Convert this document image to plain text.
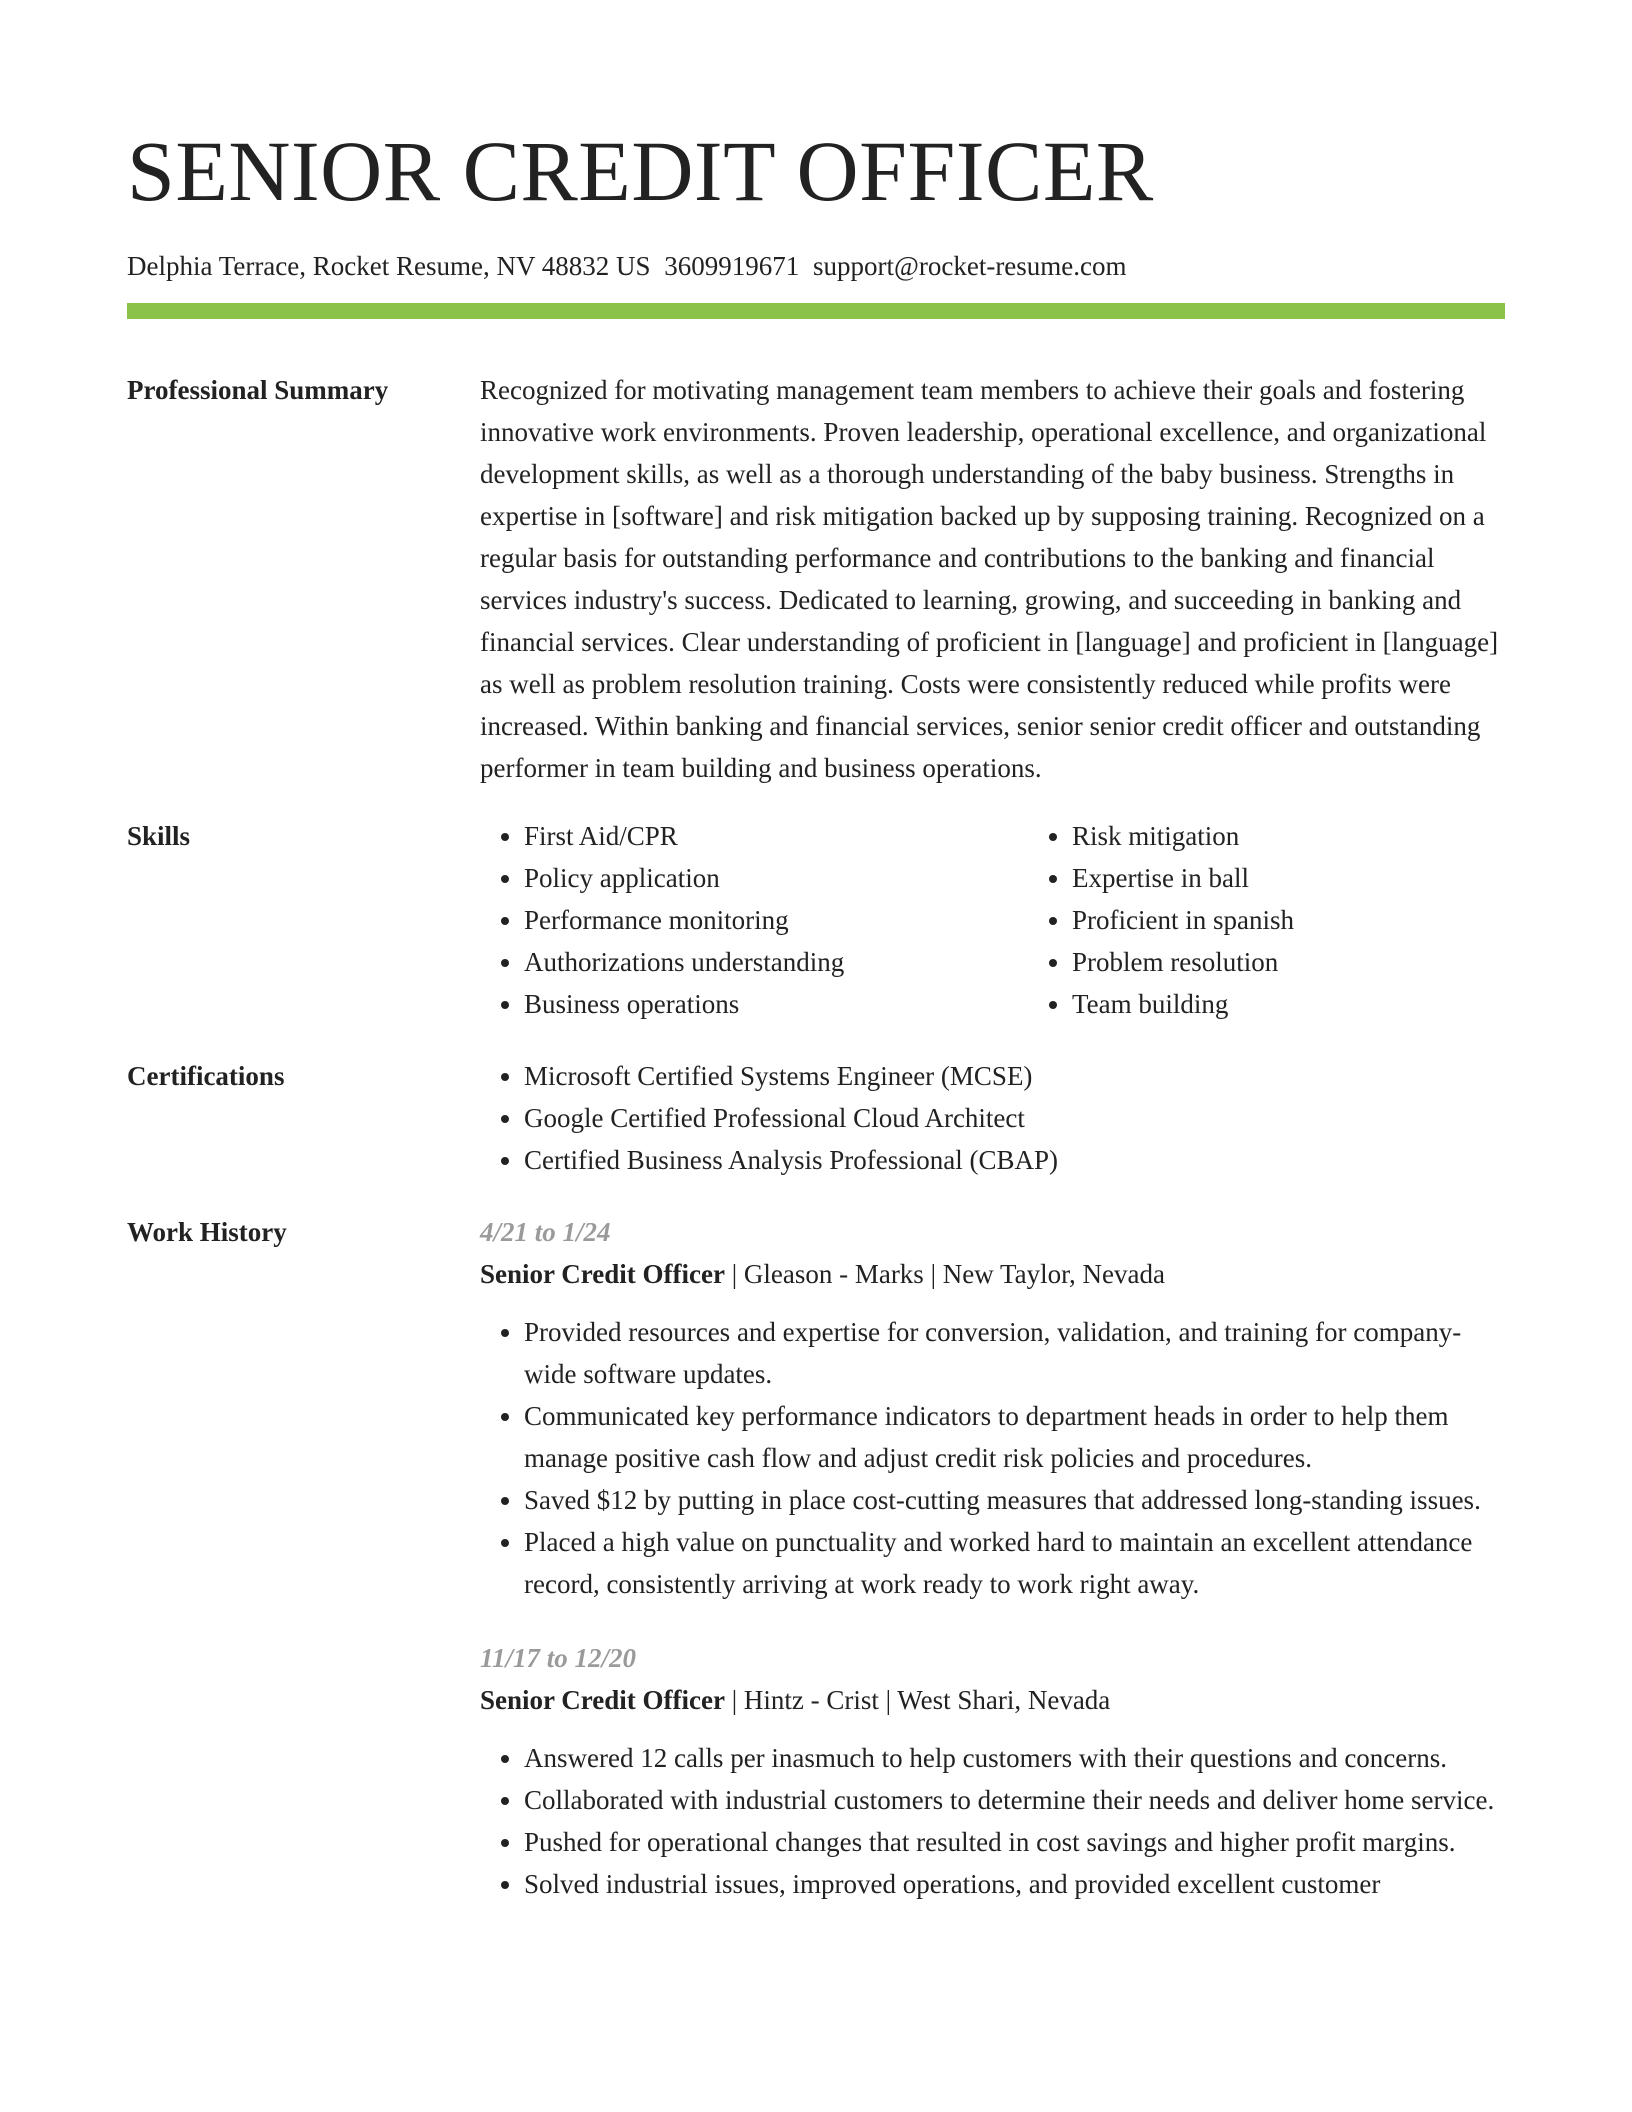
SENIOR CREDIT OFFICER
Delphia Terrace, Rocket Resume, NV 48832 US 3609919671 support@rocket-resume.com
Professional Summary	Recognized for motivating management team members to achieve their goals and fostering innovative work environments. Proven leadership, operational excellence, and organizational development skills, as well as a thorough understanding of the baby business. Strengths in expertise in [software] and risk mitigation backed up by supposing training. Recognized on a regular basis for outstanding performance and contributions to the banking and financial services industry's success. Dedicated to learning, growing, and succeeding in banking and financial services. Clear understanding of proficient in [language] and proficient in [language] as well as problem resolution training. Costs were consistently reduced while profits were increased. Within banking and financial services, senior senior credit officer and outstanding performer in team building and business operations.

Skills	• First Aid/CPR
• Policy application
• Performance monitoring
• Authorizations understanding
• Business operations
• Risk mitigation
• Expertise in ball
• Proficient in spanish
• Problem resolution
• Team building
Certifications	• Microsoft Certified Systems Engineer (MCSE)
• Google Certified Professional Cloud Architect
• Certified Business Analysis Professional (CBAP)
Work History	4/21 to 1/24
Senior Credit Officer | Gleason - Marks | New Taylor, Nevada
• Provided resources and expertise for conversion, validation, and training for company-wide software updates.
• Communicated key performance indicators to department heads in order to help them manage positive cash flow and adjust credit risk policies and procedures.
• Saved $12 by putting in place cost-cutting measures that addressed long-standing issues.
• Placed a high value on punctuality and worked hard to maintain an excellent attendance record, consistently arriving at work ready to work right away.
11/17 to 12/20
Senior Credit Officer | Hintz - Crist | West Shari, Nevada
• Answered 12 calls per inasmuch to help customers with their questions and concerns.
• Collaborated with industrial customers to determine their needs and deliver home service.
• Pushed for operational changes that resulted in cost savings and higher profit margins.
• Solved industrial issues, improved operations, and provided excellent customer
